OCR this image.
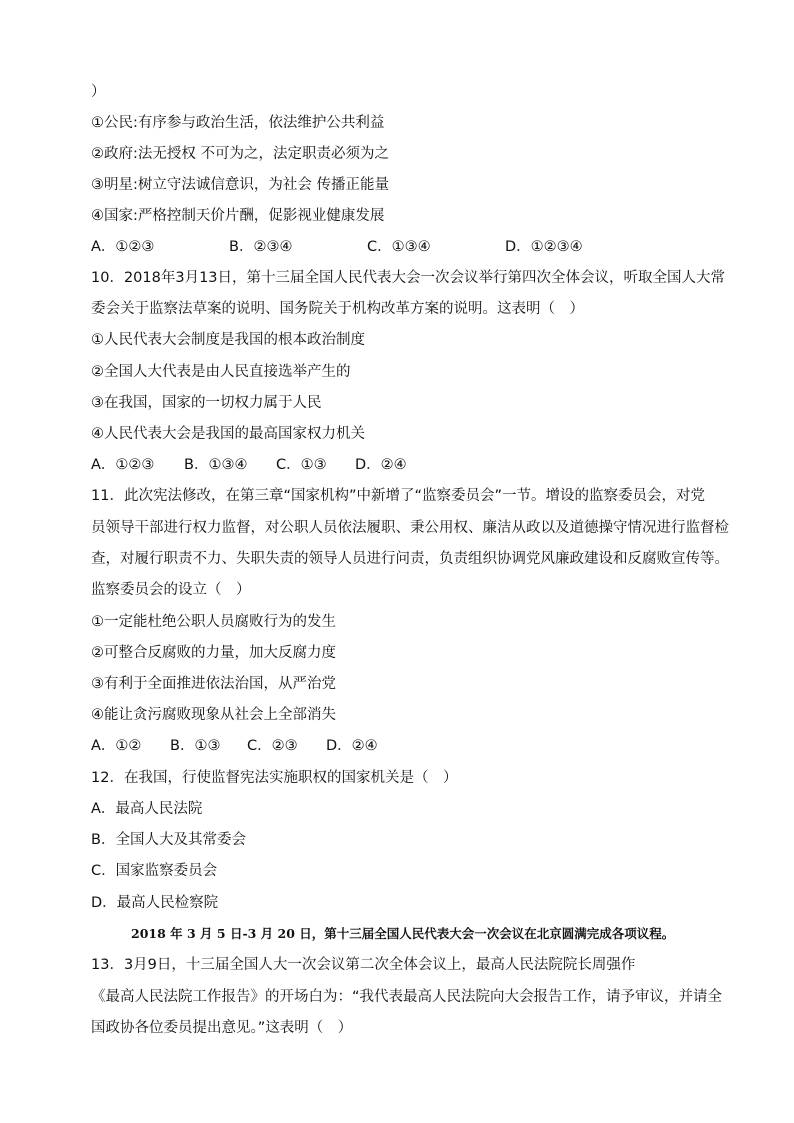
）
①公民:有序参与政治生活，依法维护公共利益
②政府:法无授权 不可为之，法定职责必须为之
③明星:树立守法诚信意识，为社会 传播正能量
④国家:严格控制天价片酬，促影视业健康发展
A．①②③	B．②③④	C．①③④	D．①②③④
10．2018年3月13日，第十三届全国人民代表大会一次会议举行第四次全体会议，听取全国人大常
委会关于监察法草案的说明、国务院关于机构改革方案的说明。这表明（　）
①人民代表大会制度是我国的根本政治制度
②全国人大代表是由人民直接选举产生的
③在我国，国家的一切权力属于人民
④人民代表大会是我国的最高国家权力机关
A．①②③	B．①③④	C．①③	D．②④
11．此次宪法修改，在第三章“国家机构”中新增了“监察委员会”一节。增设的监察委员会，对党
员领导干部进行权力监督，对公职人员依法履职、秉公用权、廉洁从政以及道德操守情况进行监督检
查，对履行职责不力、失职失责的领导人员进行问责，负责组织协调党风廉政建设和反腐败宣传等。
监察委员会的设立（　）
①一定能杜绝公职人员腐败行为的发生
②可整合反腐败的力量，加大反腐力度
③有利于全面推进依法治国，从严治党
④能让贪污腐败现象从社会上全部消失
A．①②	B．①③	C．②③	D．②④
12．在我国，行使监督宪法实施职权的国家机关是（　）
A．最高人民法院
B．全国人大及其常委会
C．国家监察委员会
D．最高人民检察院
2018 年 3 月 5 日-3 月 20 日，第十三届全国人民代表大会一次会议在北京圆满完成各项议程。
13．3月9日，十三届全国人大一次会议第二次全体会议上，最高人民法院院长周强作
《最高人民法院工作报告》的开场白为：“我代表最高人民法院向大会报告工作，请予审议，并请全
国政协各位委员提出意见。”这表明（　）
